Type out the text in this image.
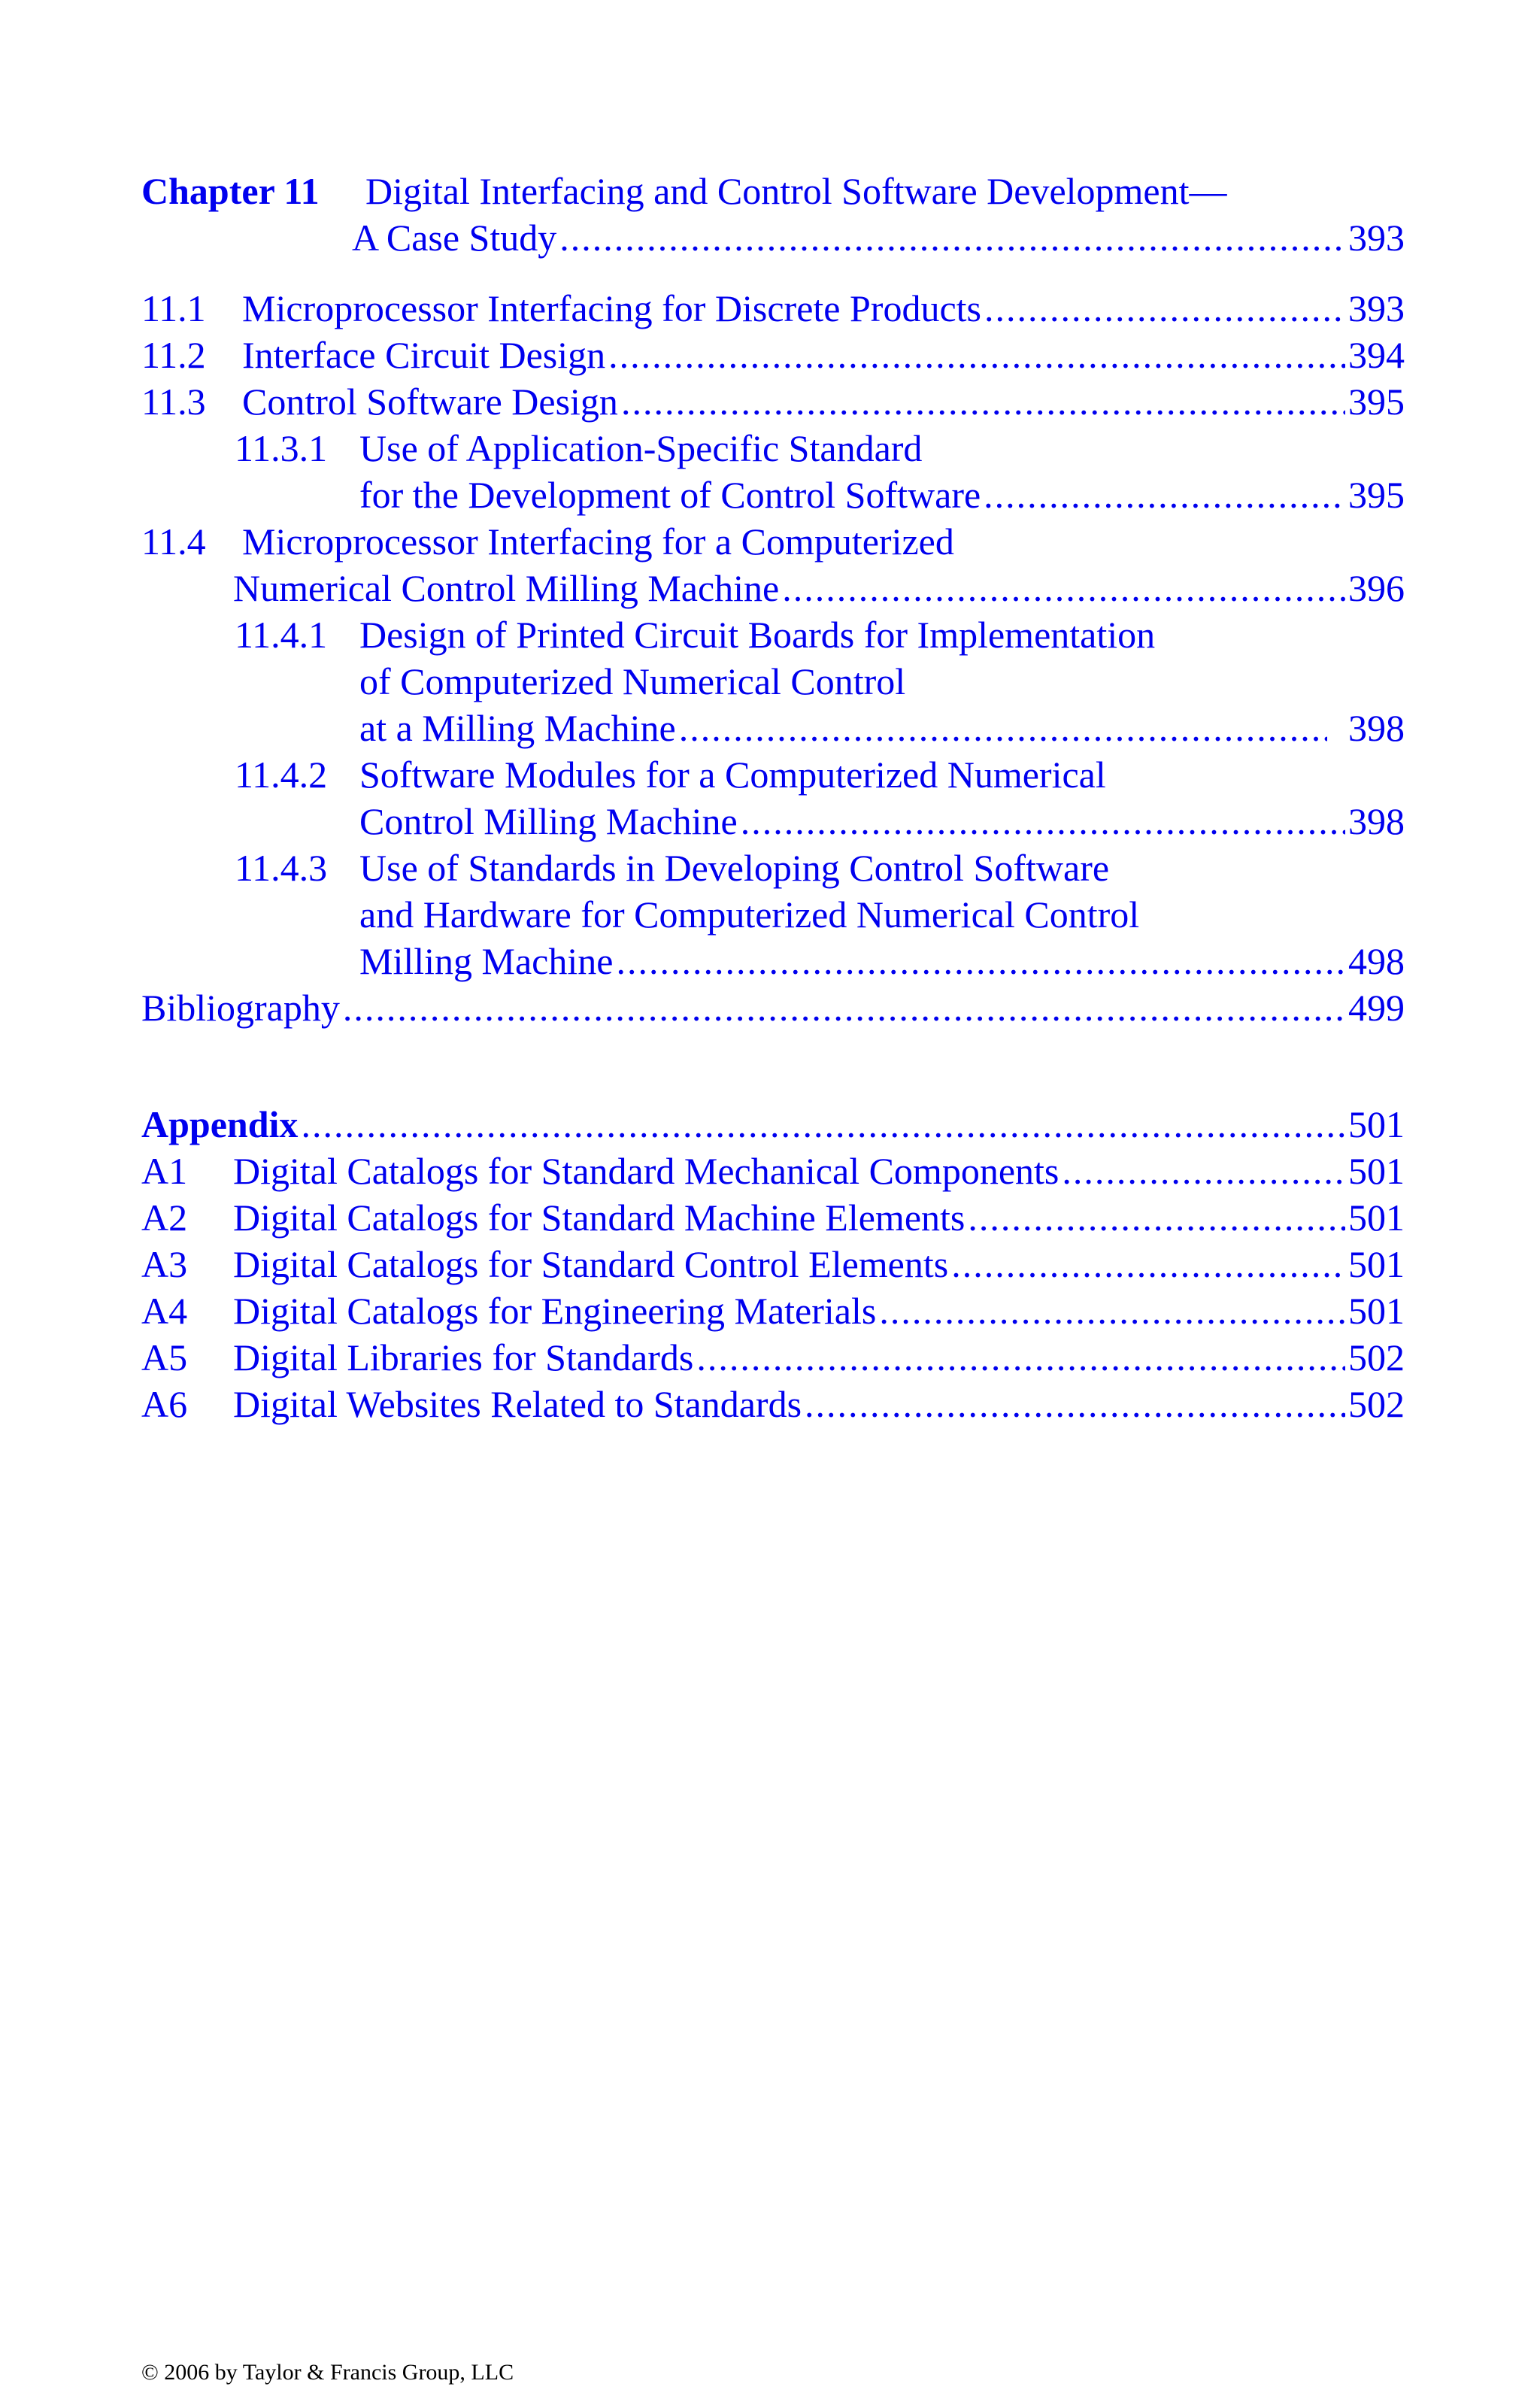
Chapter 11	Digital Interfacing and Control Software Development—
A Case Study .....	393
11.1 Microprocessor Interfacing for Discrete Products .....	393
11.2 Interface Circuit Design .....	394
11.3 Control Software Design .....	395
11.3.1 Use of Application-Specific Standard
for the Development of Control Software .....	395
11.4 Microprocessor Interfacing for a Computerized
Numerical Control Milling Machine .....	396
11.4.1 Design of Printed Circuit Boards for Implementation
of Computerized Numerical Control
at a Milling Machine .....	398
11.4.2 Software Modules for a Computerized Numerical
Control Milling Machine .....	398
11.4.3 Use of Standards in Developing Control Software
and Hardware for Computerized Numerical Control
Milling Machine .....	498
Bibliography .....	499
Appendix .....	501
A1	Digital Catalogs for Standard Mechanical Components .....	501
A2	Digital Catalogs for Standard Machine Elements .....	501
A3	Digital Catalogs for Standard Control Elements .....	501
A4	Digital Catalogs for Engineering Materials .....	501
A5	Digital Libraries for Standards .....	502
A6	Digital Websites Related to Standards .....	502
© 2006 by Taylor & Francis Group, LLC
